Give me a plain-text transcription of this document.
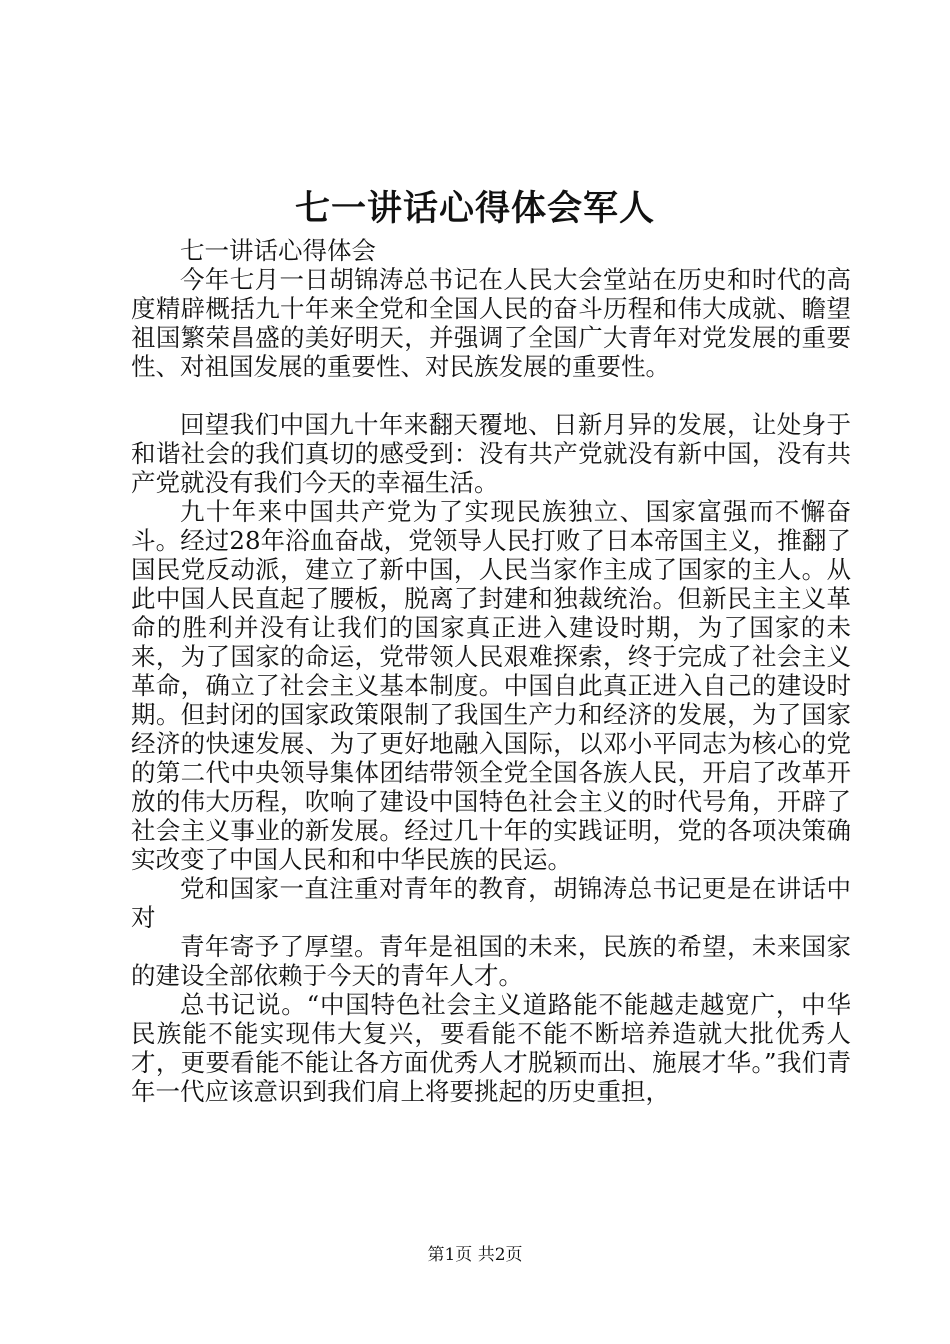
七一讲话心得体会军人

七一讲话心得体会

今年七月一日胡锦涛总书记在人民大会堂站在历史和时代的高度精辟概括九十年来全党和全国人民的奋斗历程和伟大成就、瞻望祖国繁荣昌盛的美好明天，并强调了全国广大青年对党发展的重要性、对祖国发展的重要性、对民族发展的重要性。

回望我们中国九十年来翻天覆地、日新月异的发展，让处身于和谐社会的我们真切的感受到：没有共产党就没有新中国，没有共产党就没有我们今天的幸福生活。

九十年来中国共产党为了实现民族独立、国家富强而不懈奋斗。经过28年浴血奋战，党领导人民打败了日本帝国主义，推翻了国民党反动派，建立了新中国，人民当家作主成了国家的主人。从此中国人民直起了腰板，脱离了封建和独裁统治。但新民主主义革命的胜利并没有让我们的国家真正进入建设时期，为了国家的未来，为了国家的命运，党带领人民艰难探索，终于完成了社会主义革命，确立了社会主义基本制度。中国自此真正进入自己的建设时期。但封闭的国家政策限制了我国生产力和经济的发展，为了国家经济的快速发展、为了更好地融入国际，以邓小平同志为核心的党的第二代中央领导集体团结带领全党全国各族人民，开启了改革开放的伟大历程，吹响了建设中国特色社会主义的时代号角，开辟了社会主义事业的新发展。经过几十年的实践证明，党的各项决策确实改变了中国人民和和中华民族的民运。

党和国家一直注重对青年的教育，胡锦涛总书记更是在讲话中对

青年寄予了厚望。青年是祖国的未来，民族的希望，未来国家的建设全部依赖于今天的青年人才。

总书记说。“中国特色社会主义道路能不能越走越宽广，中华民族能不能实现伟大复兴，要看能不能不断培养造就大批优秀人才，更要看能不能让各方面优秀人才脱颖而出、施展才华。”我们青年一代应该意识到我们肩上将要挑起的历史重担，

第1页 共2页
